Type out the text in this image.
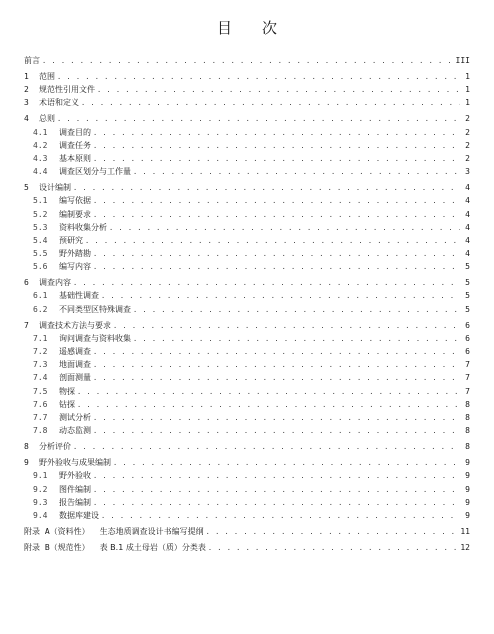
目 次
前言 . . .	III
1	范围 . . .	1
2	规范性引用文件 . . .	1
3	术语和定义 . . .	1
4	总则 . . .	2
4.1	调查目的 . . .	2
4.2	调查任务 . . .	2
4.3	基本原则 . . .	2
4.4	调查区划分与工作量 . . .	3
5	设计编制 . . .	4
5.1	编写依据 . . .	4
5.2	编制要求 . . .	4
5.3	资料收集分析 . . .	4
5.4	预研究 . . .	4
5.5	野外踏勘 . . .	4
5.6	编写内容 . . .	5
6	调查内容 . . .	5
6.1	基础性调查 . . .	5
6.2	不同类型区特殊调查 . . .	5
7	调查技术方法与要求 . . .	6
7.1	询问调查与资料收集 . . .	6
7.2	遥感调查 . . .	6
7.3	地面调查 . . .	7
7.4	剖面测量 . . .	7
7.5	物探 . . .	7
7.6	钻探 . . .	8
7.7	测试分析 . . .	8
7.8	动态监测 . . .	8
8	分析评价 . . .	8
9	野外验收与成果编制 . . .	9
9.1	野外验收 . . .	9
9.2	图件编制 . . .	9
9.3	报告编制 . . .	9
9.4	数据库建设 . . .	9
附录 A（资料性） 生态地质调查设计书编写提纲 . . .	11
附录 B（规范性） 表 B.1 成土母岩（质）分类表 . . .	12
